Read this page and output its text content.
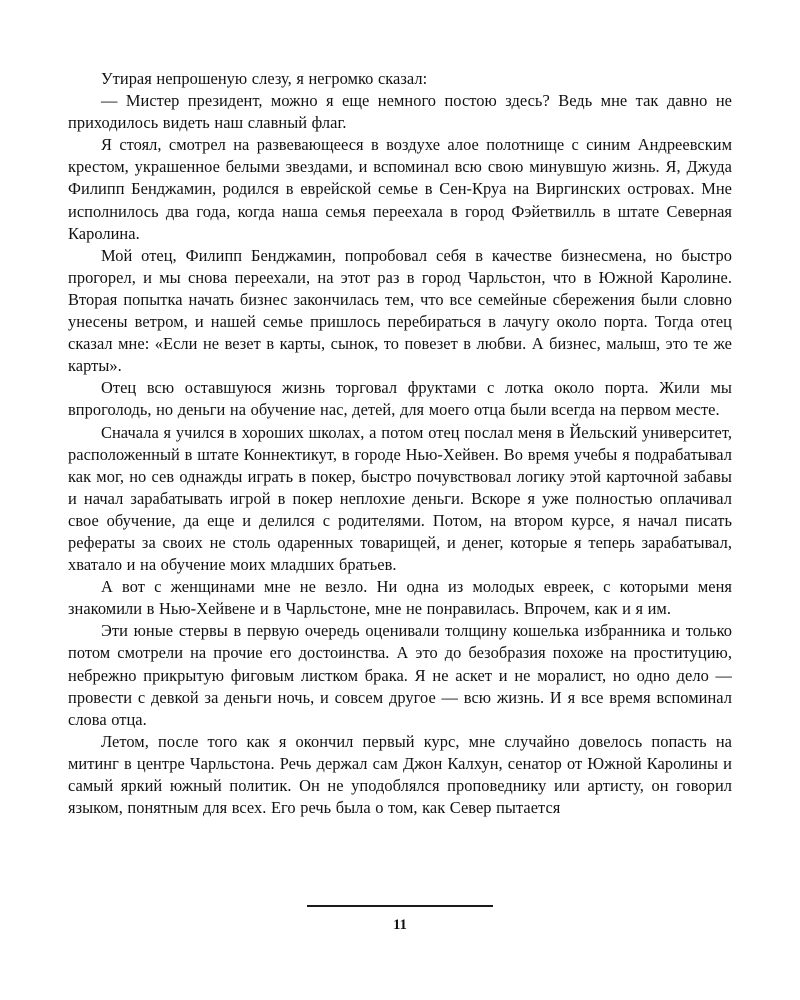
Утирая непрошеную слезу, я негромко сказал:

— Мистер президент, можно я еще немного постою здесь? Ведь мне так давно не приходилось видеть наш славный флаг.

Я стоял, смотрел на развевающееся в воздухе алое полотнище с синим Андреевским крестом, украшенное белыми звездами, и вспоминал всю свою минувшую жизнь. Я, Джуда Филипп Бенджамин, родился в еврейской семье в Сен-Круа на Виргинских островах. Мне исполнилось два года, когда наша семья переехала в город Фэйетвилль в штате Северная Каролина.

Мой отец, Филипп Бенджамин, попробовал себя в качестве бизнесмена, но быстро прогорел, и мы снова переехали, на этот раз в город Чарльстон, что в Южной Каролине. Вторая попытка начать бизнес закончилась тем, что все семейные сбережения были словно унесены ветром, и нашей семье пришлось перебираться в лачугу около порта. Тогда отец сказал мне: «Если не везет в карты, сынок, то повезет в любви. А бизнес, малыш, это те же карты».

Отец всю оставшуюся жизнь торговал фруктами с лотка около порта. Жили мы впроголодь, но деньги на обучение нас, детей, для моего отца были всегда на первом месте.

Сначала я учился в хороших школах, а потом отец послал меня в Йельский университет, расположенный в штате Коннектикут, в городе Нью-Хейвен. Во время учебы я подрабатывал как мог, но сев однажды играть в покер, быстро почувствовал логику этой карточной забавы и начал зарабатывать игрой в покер неплохие деньги. Вскоре я уже полностью оплачивал свое обучение, да еще и делился с родителями. Потом, на втором курсе, я начал писать рефераты за своих не столь одаренных товарищей, и денег, которые я теперь зарабатывал, хватало и на обучение моих младших братьев.

А вот с женщинами мне не везло. Ни одна из молодых евреек, с которыми меня знакомили в Нью-Хейвене и в Чарльстоне, мне не понравилась. Впрочем, как и я им.

Эти юные стервы в первую очередь оценивали толщину кошелька избранника и только потом смотрели на прочие его достоинства. А это до безобразия похоже на проституцию, небрежно прикрытую фиговым листком брака. Я не аскет и не моралист, но одно дело — провести с девкой за деньги ночь, и совсем другое — всю жизнь. И я все время вспоминал слова отца.

Летом, после того как я окончил первый курс, мне случайно довелось попасть на митинг в центре Чарльстона. Речь держал сам Джон Калхун, сенатор от Южной Каролины и самый яркий южный политик. Он не уподоблялся проповеднику или артисту, он говорил языком, понятным для всех. Его речь была о том, как Север пытается

11
